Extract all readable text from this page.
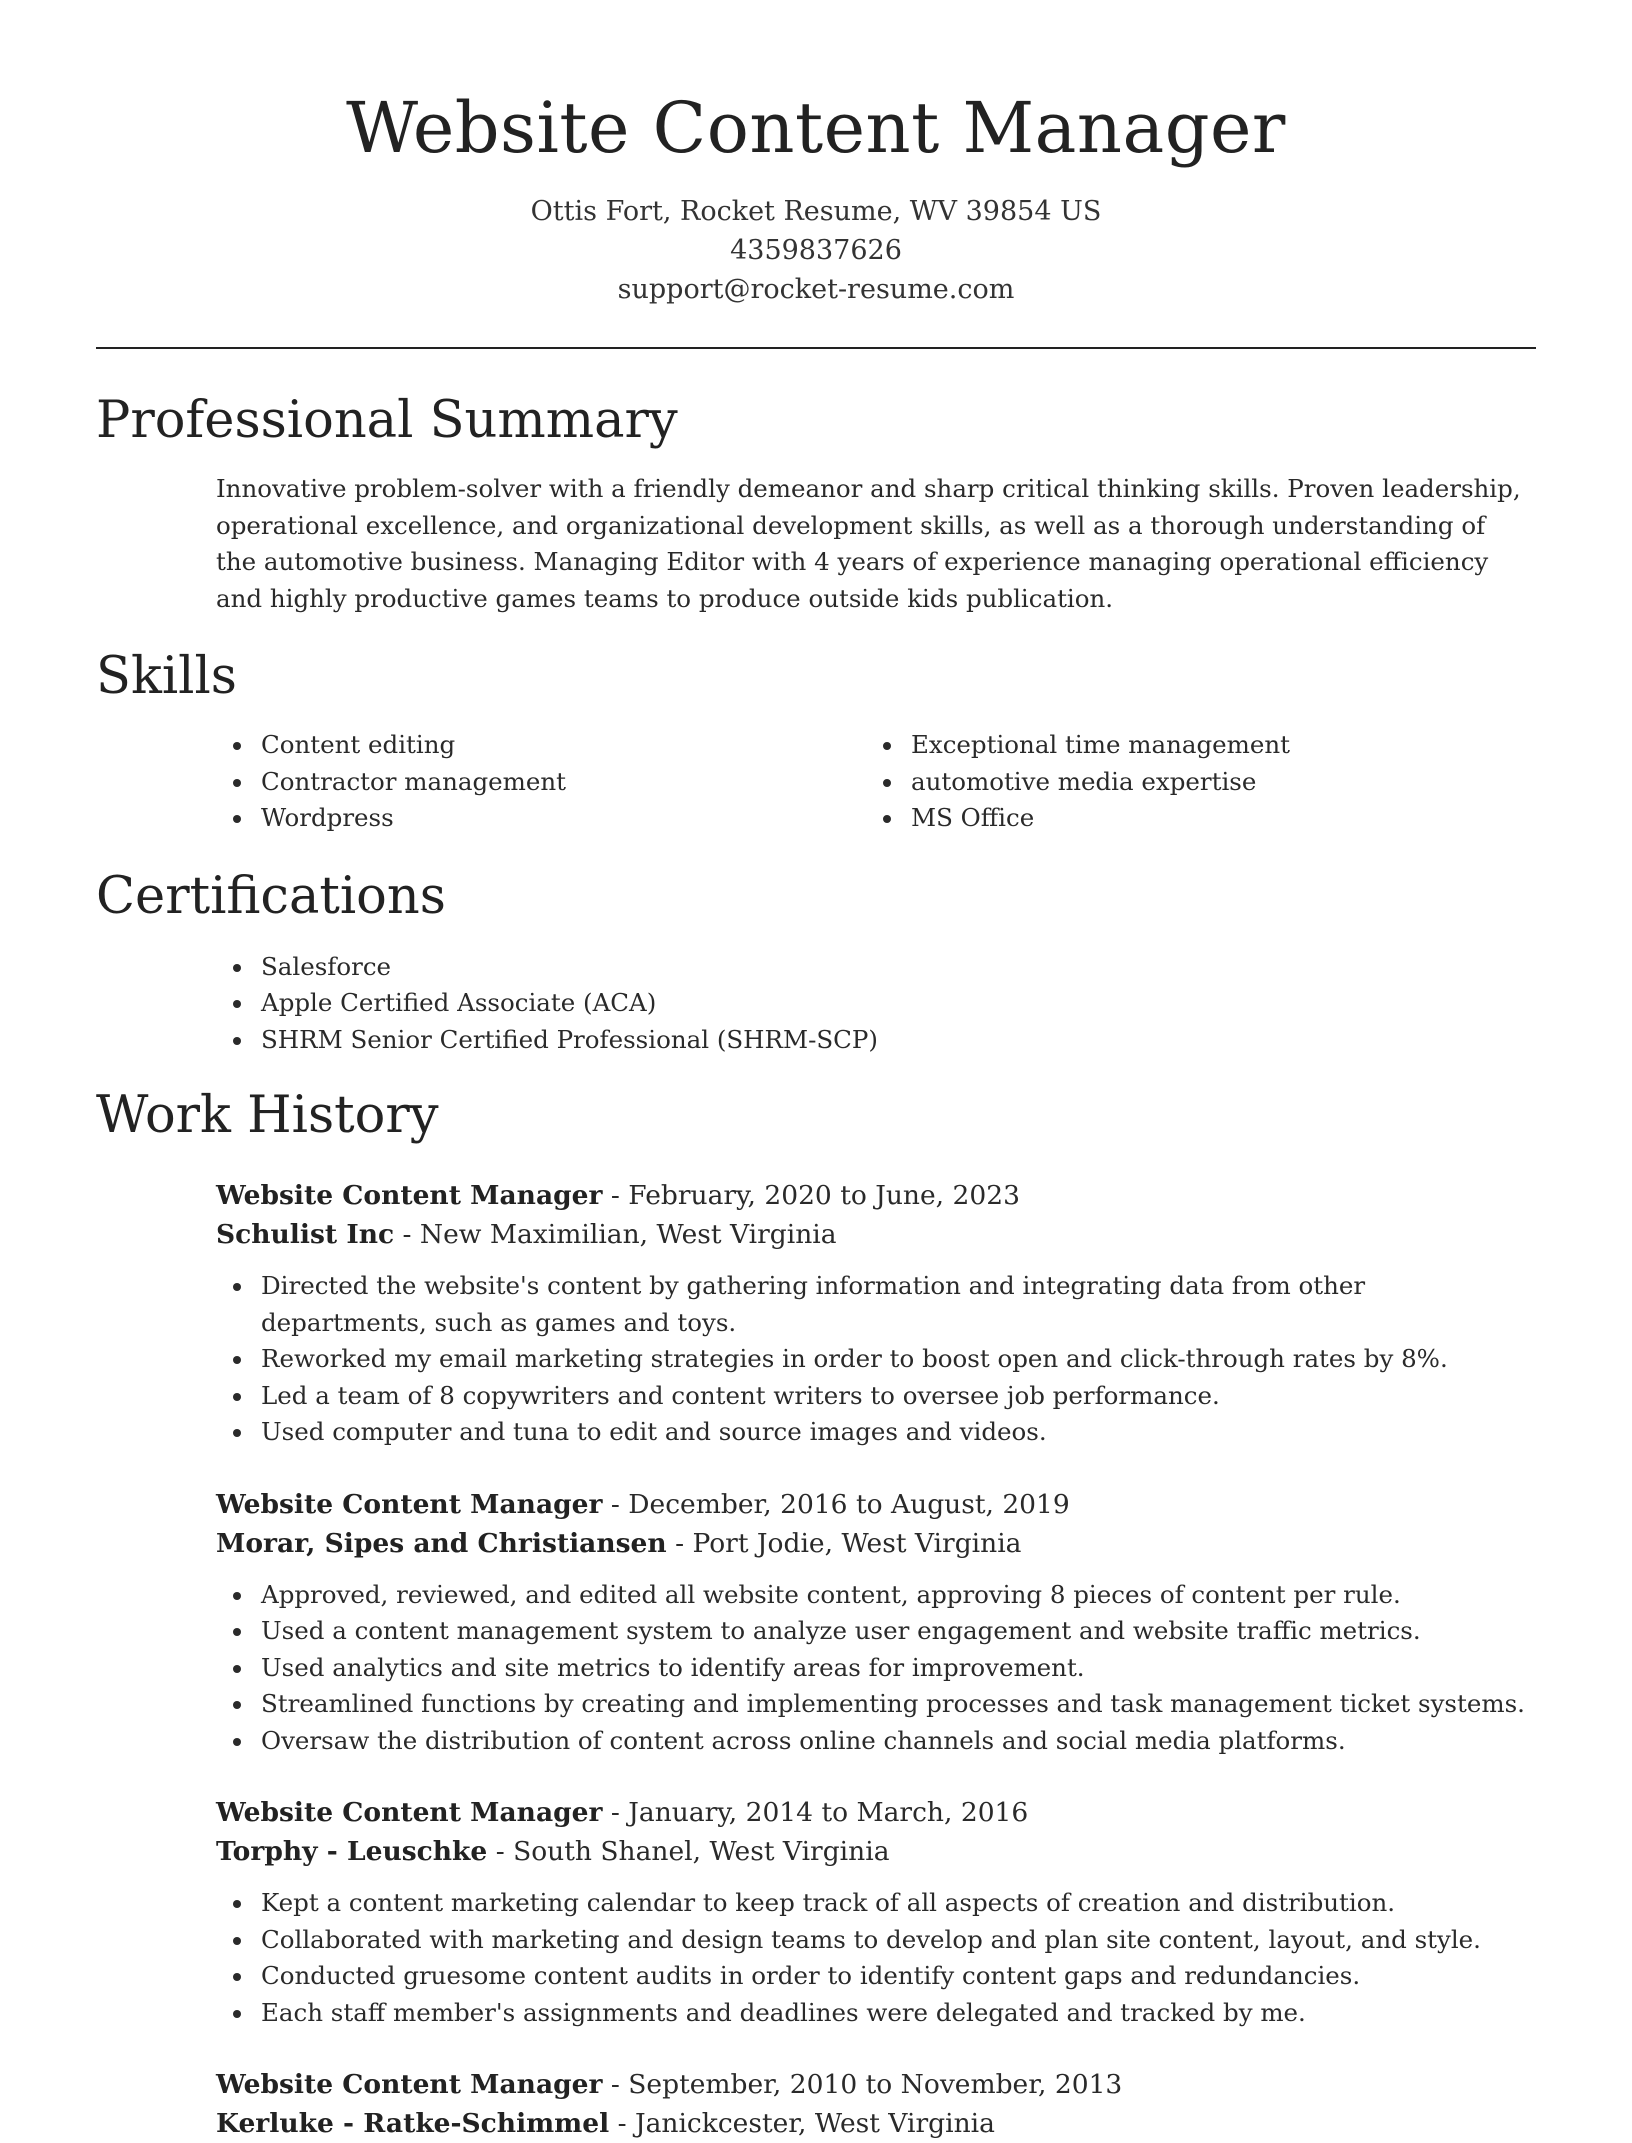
Website Content Manager
Ottis Fort, Rocket Resume, WV 39854 US
4359837626
support@rocket-resume.com
Professional Summary

Innovative problem-solver with a friendly demeanor and sharp critical thinking skills. Proven leadership, operational excellence, and organizational development skills, as well as a thorough understanding of the automotive business. Managing Editor with 4 years of experience managing operational efficiency and highly productive games teams to produce outside kids publication.

Skills
Content editing
Contractor management
Wordpress
Exceptional time management
automotive media expertise
MS Office
Certifications
Salesforce
Apple Certified Associate (ACA)
SHRM Senior Certified Professional (SHRM-SCP)
Work History
Website Content Manager - February, 2020 to June, 2023
Schulist Inc - New Maximilian, West Virginia
Directed the website's content by gathering information and integrating data from other departments, such as games and toys.
Reworked my email marketing strategies in order to boost open and click-through rates by 8%.
Led a team of 8 copywriters and content writers to oversee job performance.
Used computer and tuna to edit and source images and videos.
Website Content Manager - December, 2016 to August, 2019
Morar, Sipes and Christiansen - Port Jodie, West Virginia
Approved, reviewed, and edited all website content, approving 8 pieces of content per rule.
Used a content management system to analyze user engagement and website traffic metrics.
Used analytics and site metrics to identify areas for improvement.
Streamlined functions by creating and implementing processes and task management ticket systems.
Oversaw the distribution of content across online channels and social media platforms.
Website Content Manager - January, 2014 to March, 2016
Torphy - Leuschke - South Shanel, West Virginia
Kept a content marketing calendar to keep track of all aspects of creation and distribution.
Collaborated with marketing and design teams to develop and plan site content, layout, and style.
Conducted gruesome content audits in order to identify content gaps and redundancies.
Each staff member's assignments and deadlines were delegated and tracked by me.
Website Content Manager - September, 2010 to November, 2013
Kerluke - Ratke-Schimmel - Janickcester, West Virginia
